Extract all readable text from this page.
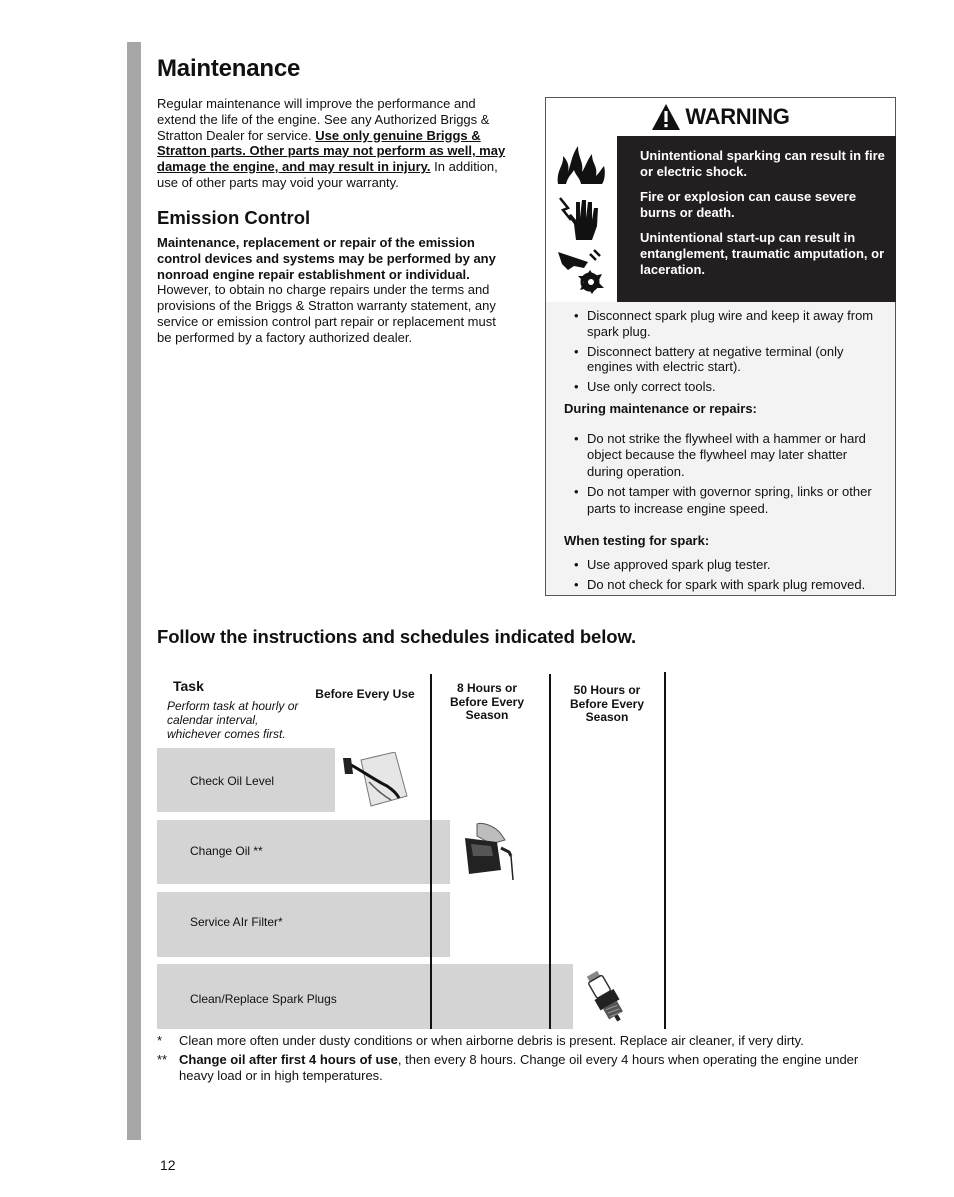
Maintenance
Regular maintenance will improve the performance and extend the life of the engine. See any Authorized Briggs & Stratton Dealer for service. Use only genuine Briggs & Stratton parts. Other parts may not perform as well, may damage the engine, and may result in injury. In addition, use of other parts may void your warranty.
Emission Control
Maintenance, replacement or repair of the emission control devices and systems may be performed by any nonroad engine repair establishment or individual. However, to obtain no charge repairs under the terms and provisions of the Briggs & Stratton warranty statement, any service or emission control part repair or replacement must be performed by a factory authorized dealer.
WARNING

Unintentional sparking can result in fire or electric shock.

Fire or explosion can cause severe burns or death.

Unintentional start-up can result in entanglement, traumatic amputation, or laceration.

• Disconnect spark plug wire and keep it away from spark plug.
• Disconnect battery at negative terminal (only engines with electric start).
• Use only correct tools.
During maintenance or repairs:
• Do not strike the flywheel with a hammer or hard object because the flywheel may later shatter during operation.
• Do not tamper with governor spring, links or other parts to increase engine speed.
When testing for spark:
• Use approved spark plug tester.
• Do not check for spark with spark plug removed.
Follow the instructions and schedules indicated below.
Task
Perform task at hourly or calendar interval, whichever comes first.
Before Every Use	8 Hours or
Before Every
Season
50 Hours or
Before Every
Season
Check Oil Level
Change Oil **
Service AIr Filter*
Clean/Replace Spark Plugs
*	Clean more often under dusty conditions or when airborne debris is present. Replace air cleaner, if very dirty.
** Change oil after first 4 hours of use, then every 8 hours. Change oil every 4 hours when operating the engine under heavy load or in high temperatures.
12
